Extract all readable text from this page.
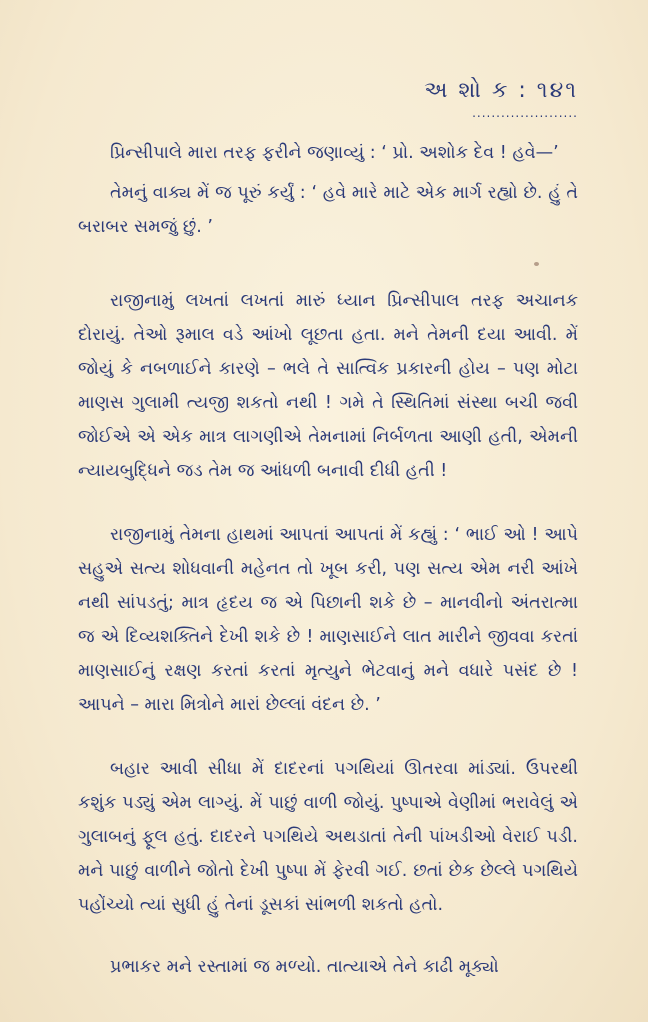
અ શો ક : ૧૪૧
......................

પ્રિન્સીપાલે મારા તરફ ફરીને જણાવ્યું : ‘ પ્રો. અશોક દેવ ! હવે—’

તેમનું વાક્ય મેં જ પૂરું કર્યું : ‘ હવે મારે માટે એક માર્ગ રહ્યો છે. હું તે બરાબર સમજું છું. ’

રાજીનામું લખતાં લખતાં મારું ધ્યાન પ્રિન્સીપાલ તરફ અચાનક દોરાયું. તેઓ રૂમાલ વડે આંખો લૂછતા હતા. મને તેમની દયા આવી. મેં જોયું કે નબળાઈને કારણે – ભલે તે સાત્વિક પ્રકારની હોય – પણ મોટા માણસ ગુલામી ત્યજી શકતો નથી ! ગમે તે સ્થિતિમાં સંસ્થા બચી જવી જોઈએ એ એક માત્ર લાગણીએ તેમનામાં નિર્બળતા આણી હતી, એમની ન્યાયબુદ્ધિને જડ તેમ જ આંધળી બનાવી દીધી હતી !

રાજીનામું તેમના હાથમાં આપતાં આપતાં મેં કહ્યું : ‘ ભાઈ ઓ ! આપે સહુએ સત્ય શોધવાની મહેનત તો ખૂબ કરી, પણ સત્ય એમ નરી આંખે નથી સાંપડતું; માત્ર હૃદય જ એ પિછાની શકે છે – માનવીનો અંતરાત્મા જ એ દિવ્યશક્તિને દેખી શકે છે ! માણસાઈને લાત મારીને જીવવા કરતાં માણસાઈનું રક્ષણ કરતાં કરતાં મૃત્યુને ભેટવાનું મને વધારે પસંદ છે ! આપને – મારા મિત્રોને મારાં છેલ્લાં વંદન છે. ’

બહાર આવી સીધા મેં દાદરનાં પગથિયાં ઊતરવા માંડ્યાં. ઉપરથી કશુંક પડ્યું એમ લાગ્યું. મેં પાછું વાળી જોયું. પુષ્પાએ વેણીમાં ભરાવેલું એ ગુલાબનું ફૂલ હતું. દાદરને પગથિયે અથડાતાં તેની પાંખડીઓ વેરાઈ પડી. મને પાછું વાળીને જોતો દેખી પુષ્પા મેં ફેરવી ગઈ. છતાં છેક છેલ્લે પગથિયે પહોંચ્યો ત્યાં સુધી હું તેનાં ડૂસકાં સાંભળી શકતો હતો.

પ્રભાકર મને રસ્તામાં જ મળ્યો. તાત્યાએ તેને કાઢી મૂક્યો
